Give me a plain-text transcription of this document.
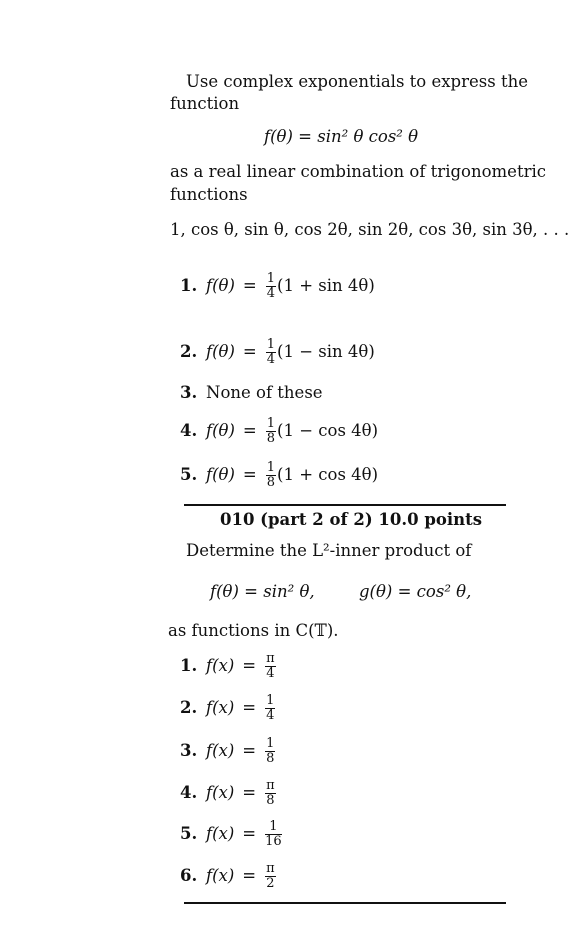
Use complex exponentials to express the
function
f(θ) = sin² θ cos² θ
as a real linear combination of trigonometric
functions
1, cos θ, sin θ, cos 2θ, sin 2θ, cos 3θ, sin 3θ, . . .
1. $f(\theta) = \frac{1}{4} (1 + \sin 4\theta)$
2. $f(\theta) = \frac{1}{4} (1 - \sin 4\theta)$
3. None of these
4. $f(\theta) = \frac{1}{8} (1 - \cos 4\theta)$
5. $f(\theta) = \frac{1}{8} (1 + \cos 4\theta)$
010 (part 2 of 2) 10.0 points
Determine the L²-inner product of
f(θ) = sin² θ,	g(θ) = cos² θ,
as functions in C(𝕋).
1. $f(x) = \frac{\pi}{4}$
2. $f(x) = \frac{1}{4}$
3. $f(x) = \frac{1}{8}$
4. $f(x) = \frac{\pi}{8}$
5. $f(x) = \frac{1}{16}$
6. $f(x) = \frac{\pi}{2}$
